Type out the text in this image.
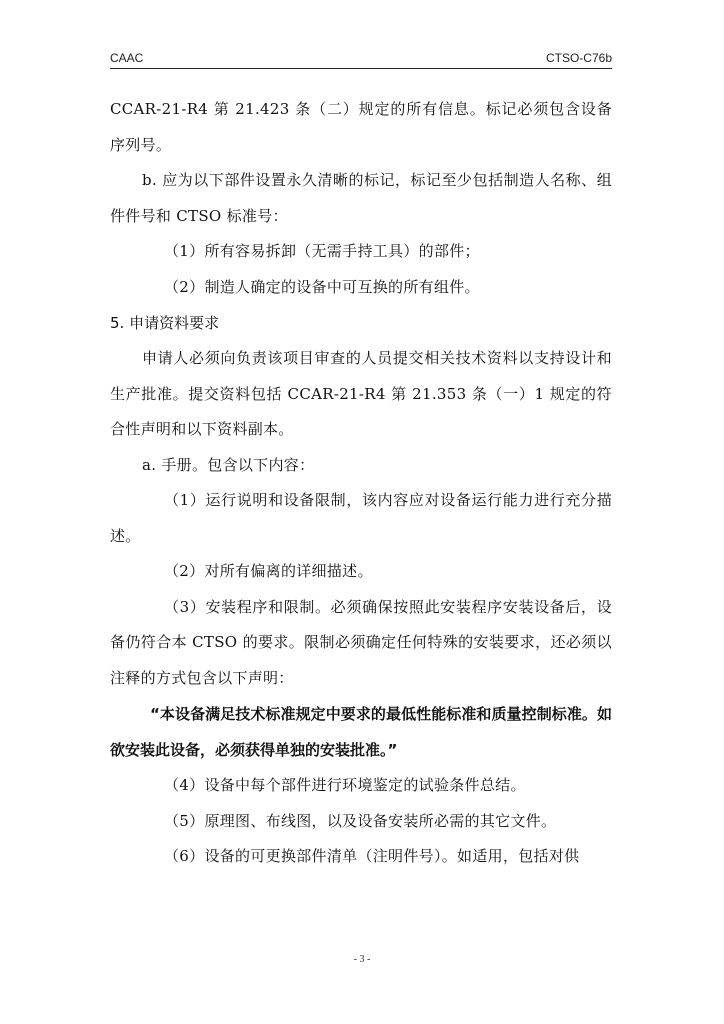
CAAC	CTSO-C76b

CCAR-21-R4 第 21.423 条（二）规定的所有信息。标记必须包含设备序列号。

b. 应为以下部件设置永久清晰的标记，标记至少包括制造人名称、组件件号和 CTSO 标准号：

（1）所有容易拆卸（无需手持工具）的部件；

（2）制造人确定的设备中可互换的所有组件。

5. 申请资料要求

申请人必须向负责该项目审查的人员提交相关技术资料以支持设计和生产批准。提交资料包括 CCAR-21-R4 第 21.353 条（一）1 规定的符合性声明和以下资料副本。

a. 手册。包含以下内容：

（1）运行说明和设备限制，该内容应对设备运行能力进行充分描述。

（2）对所有偏离的详细描述。

（3）安装程序和限制。必须确保按照此安装程序安装设备后，设备仍符合本 CTSO 的要求。限制必须确定任何特殊的安装要求，还必须以注释的方式包含以下声明：

“本设备满足技术标准规定中要求的最低性能标准和质量控制标准。如欲安装此设备，必须获得单独的安装批准。”

（4）设备中每个部件进行环境鉴定的试验条件总结。

（5）原理图、布线图，以及设备安装所必需的其它文件。

（6）设备的可更换部件清单（注明件号）。如适用，包括对供

- 3 -
